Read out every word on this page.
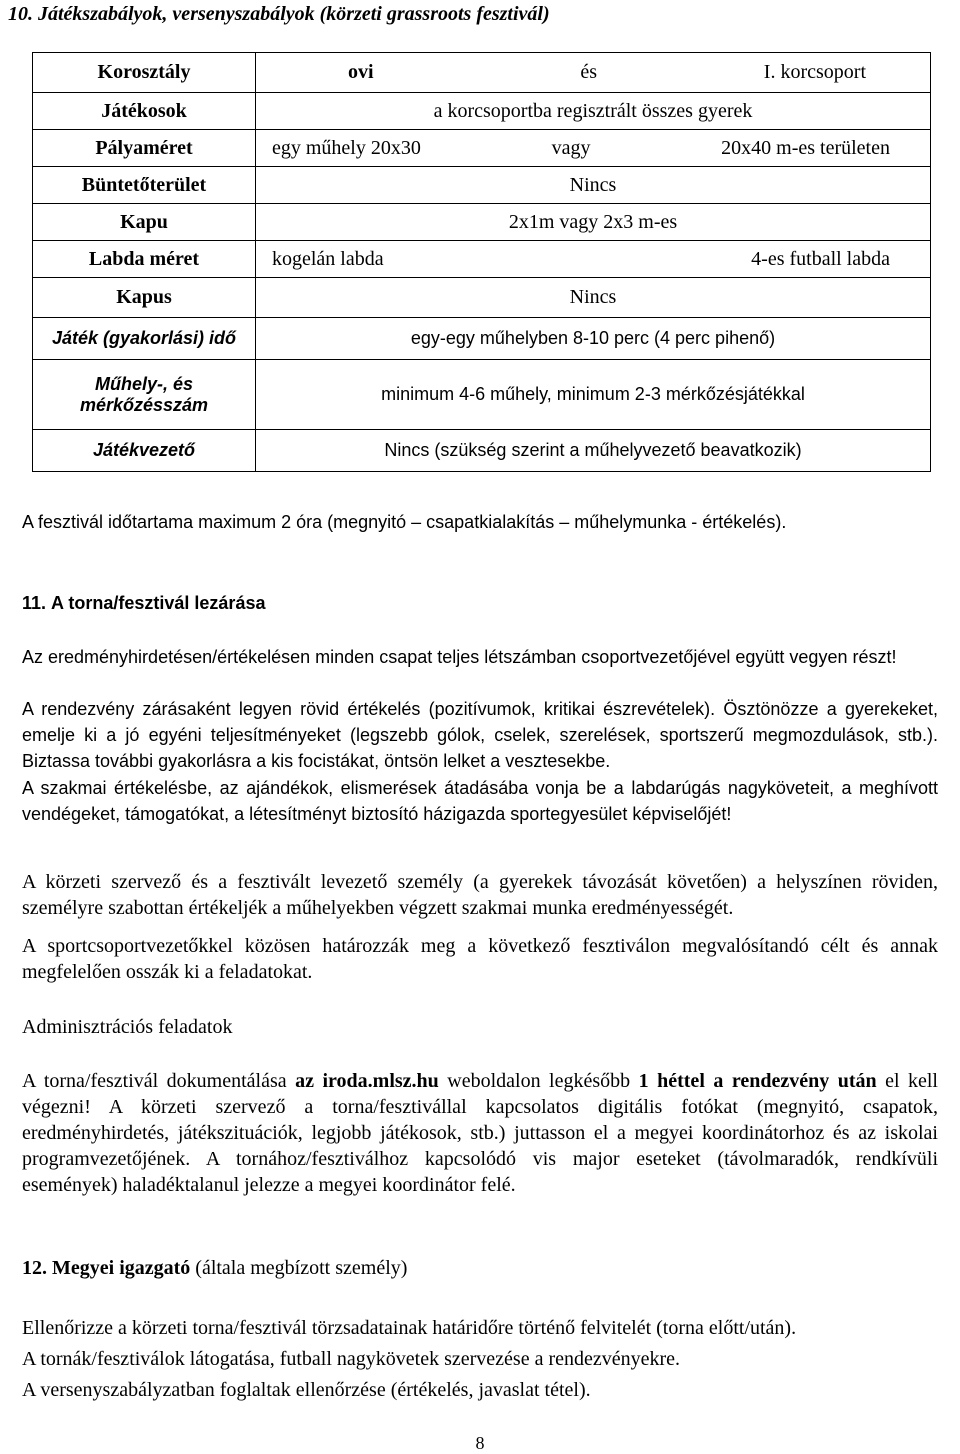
10. Játékszabályok, versenyszabályok (körzeti grassroots fesztivál)
Korosztály	ovi és I. korcsoport

Játékosok	a korcsoportba regisztrált összes gyerek
Pályaméret	egy műhely 20x30 vagy 20x40 m-es területen

Büntetőterület	Nincs
Kapu	2x1m vagy 2x3 m-es
Labda méret	kogelán labda 4-es futball labda

Kapus	Nincs
Játék (gyakorlási) idő	egy-egy műhelyben 8-10 perc (4 perc pihenő)
Műhely-, és mérkőzésszám	minimum 4-6 műhely, minimum 2-3 mérkőzésjátékkal
Játékvezető	Nincs (szükség szerint a műhelyvezető beavatkozik)
A fesztivál időtartama maximum 2 óra (megnyitó – csapatkialakítás – műhelymunka - értékelés).
11. A torna/fesztivál lezárása
Az eredményhirdetésen/értékelésen minden csapat teljes létszámban csoportvezetőjével együtt vegyen részt!
A rendezvény zárásaként legyen rövid értékelés (pozitívumok, kritikai észrevételek). Ösztönözze a gyerekeket, emelje ki a jó egyéni teljesítményeket (legszebb gólok, cselek, szerelések, sportszerű megmozdulások, stb.). Biztassa további gyakorlásra a kis focistákat, öntsön lelket a vesztesekbe.
A szakmai értékelésbe, az ajándékok, elismerések átadásába vonja be a labdarúgás nagyköveteit, a meghívott vendégeket, támogatókat, a létesítményt biztosító házigazda sportegyesület képviselőjét!
A körzeti szervező és a fesztivált levezető személy (a gyerekek távozását követően) a helyszínen röviden, személyre szabottan értékeljék a műhelyekben végzett szakmai munka eredményességét.
A sportcsoportvezetőkkel közösen határozzák meg a következő fesztiválon megvalósítandó célt és annak megfelelően osszák ki a feladatokat.
Adminisztrációs feladatok
A torna/fesztivál dokumentálása az iroda.mlsz.hu weboldalon legkésőbb 1 héttel a rendezvény után el kell végezni! A körzeti szervező a torna/fesztivállal kapcsolatos digitális fotókat (megnyitó, csapatok, eredményhirdetés, játékszituációk, legjobb játékosok, stb.) juttasson el a megyei koordinátorhoz és az iskolai programvezetőjének. A tornához/fesztiválhoz kapcsolódó vis major eseteket (távolmaradók, rendkívüli események) haladéktalanul jelezze a megyei koordinátor felé.
12. Megyei igazgató (általa megbízott személy)
Ellenőrizze a körzeti torna/fesztivál törzsadatainak határidőre történő felvitelét (torna előtt/után).
A tornák/fesztiválok látogatása, futball nagykövetek szervezése a rendezvényekre.
A versenyszabályzatban foglaltak ellenőrzése (értékelés, javaslat tétel).
8
